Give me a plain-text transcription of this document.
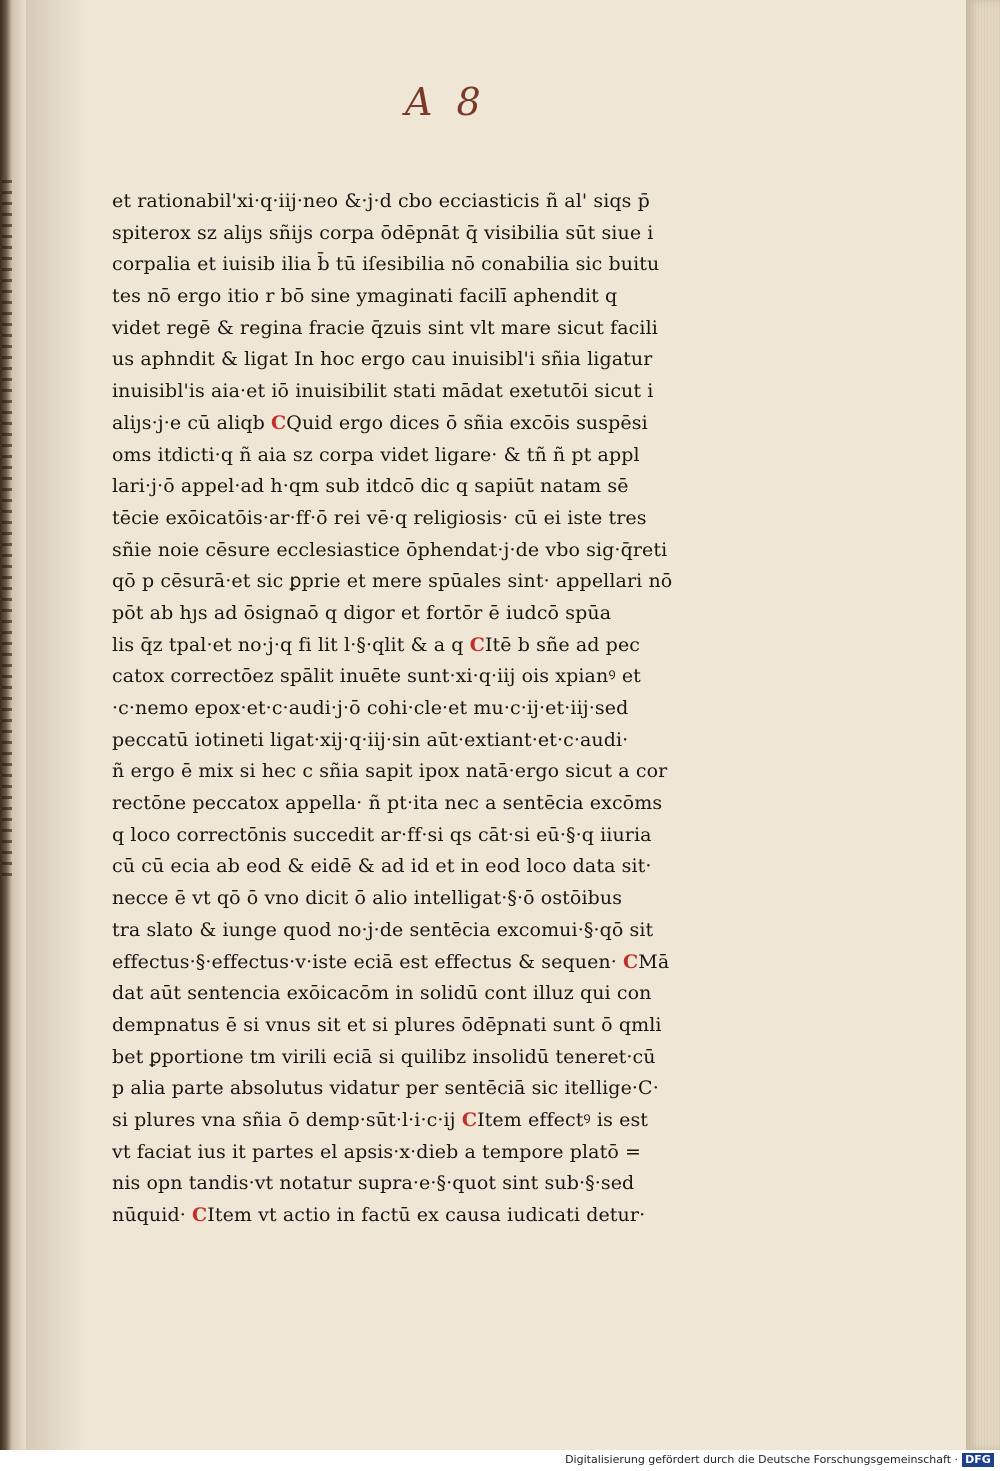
A 8
et rationabil'xi·q·iij·neo &·j·d cbo ecciasticis ñ al' siqs p̄
spiterox sz aliȷs sñijs corpa ōdēpnāt q̄ visibilia sūt siue i
corpalia et iuisib ilia b̄ tū iſesibilia nō conabilia sic buitu
tes nō ergo itio r bō sine ymaginati facilī aphendit q
videt regē & regina fracie q̄zuis sint vlt mare sicut facili
us aphndit & ligat In hoc ergo cau inuisibl'i sñia ligatur
inuisibl'is aia·et iō inuisibilit stati mādat exetutōi sicut i
aliȷs·j·e cū aliqb CQuid ergo dices ō sñia excōis suspēsi
oms itdicti·q ñ aia sz corpa videt ligare· & tñ ñ pt appl
lari·j·ō appel·ad h·qm sub itdcō dic q sapiūt natam sē
tēcie exōicatōis·ar·ff·ō rei vē·q religiosis· cū ei iste tres
sñie noie cēsure ecclesiastice ōphendat·j·de vbo sig·q̄reti
qō p cēsurā·et sic ꝑprie et mere spūales sint· appellari nō
pōt ab hȷs ad ōsignaō q digor et fortōr ē iudcō spūa
lis q̄z tpal·et no·j·q fi lit l·§·qlit & a q CItē b sñe ad pec
catox correctōez spālit inuēte sunt·xi·q·iij ois xpianꝰ et
·c·nemo epox·et·c·audi·j·ō cohi·cle·et mu·c·ij·et·iij·sed
peccatū iotineti ligat·xij·q·iij·sin aūt·extiant·et·c·audi·
ñ ergo ē mix si hec c sñia sapit ipox natā·ergo sicut a cor
rectōne peccatox appella· ñ pt·ita nec a sentēcia excōms
q loco correctōnis succedit ar·ff·si qs cāt·si eū·§·q iiuria
cū cū ecia ab eod & eidē & ad id et in eod loco data sit·
necce ē vt qō ō vno dicit ō alio intelligat·§·ō ostōibus
tra slato & iunge quod no·j·de sentēcia excomui·§·qō sit
effectus·§·effectus·v·iste eciā est effectus & sequen· CMā
dat aūt sentencia exōicacōm in solidū cont illuz qui con
dempnatus ē si vnus sit et si plures ōdēpnati sunt ō qmli
bet ꝑportione tm virili eciā si quilibz insolidū teneret·cū
p alia parte absolutus vidatur per sentēciā sic itellige·C·
si plures vna sñia ō demp·sūt·l·i·c·ij CItem effectꝰ is est
vt faciat ius it partes el apsis·x·dieb a tempore platō =
nis opn tandis·vt notatur supra·e·§·quot sint sub·§·sed
nūquid· CItem vt actio in factū ex causa iudicati detur·
Digitalisierung gefördert durch die Deutsche Forschungsgemeinschaft · DFG
